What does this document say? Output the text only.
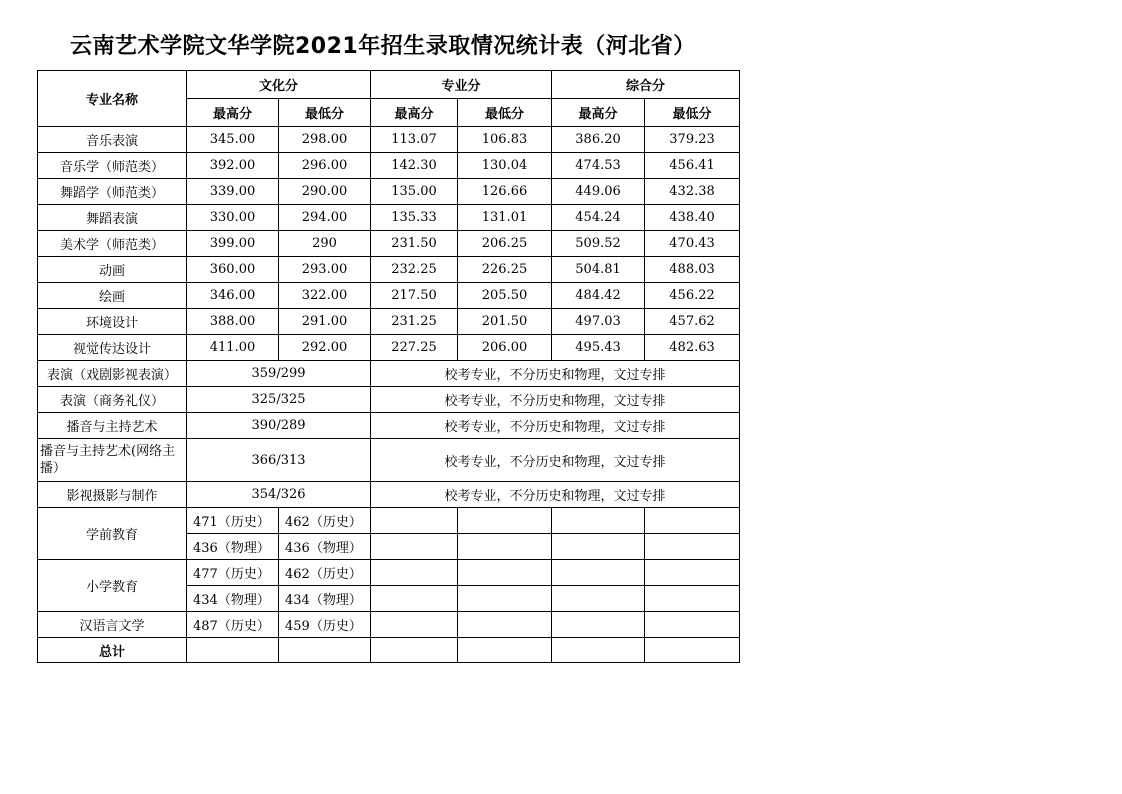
云南艺术学院文华学院2021年招生录取情况统计表（河北省）
专业名称	文化分		专业分		综合分	
	最高分	最低分	最高分	最低分	最高分	最低分
音乐表演	345.00	298.00	113.07	106.83	386.20	379.23
音乐学（师范类）	392.00	296.00	142.30	130.04	474.53	456.41
舞蹈学（师范类）	339.00	290.00	135.00	126.66	449.06	432.38
舞蹈表演	330.00	294.00	135.33	131.01	454.24	438.40
美术学（师范类）	399.00	290	231.50	206.25	509.52	470.43
动画	360.00	293.00	232.25	226.25	504.81	488.03
绘画	346.00	322.00	217.50	205.50	484.42	456.22
环境设计	388.00	291.00	231.25	201.50	497.03	457.62
视觉传达设计	411.00	292.00	227.25	206.00	495.43	482.63
表演（戏剧影视表演）	359/299		校考专业，不分历史和物理，文过专排			
表演（商务礼仪）	325/325		校考专业，不分历史和物理，文过专排			
播音与主持艺术	390/289		校考专业，不分历史和物理，文过专排			
播音与主持艺术(网络主播）	366/313		校考专业，不分历史和物理，文过专排			
影视摄影与制作	354/326		校考专业，不分历史和物理，文过专排			
学前教育	471（历史）	462（历史）				
	436（物理）	436（物理）				
小学教育	477（历史）	462（历史）				
	434（物理）	434（物理）				
汉语言文学	487（历史）	459（历史）				
总计						
